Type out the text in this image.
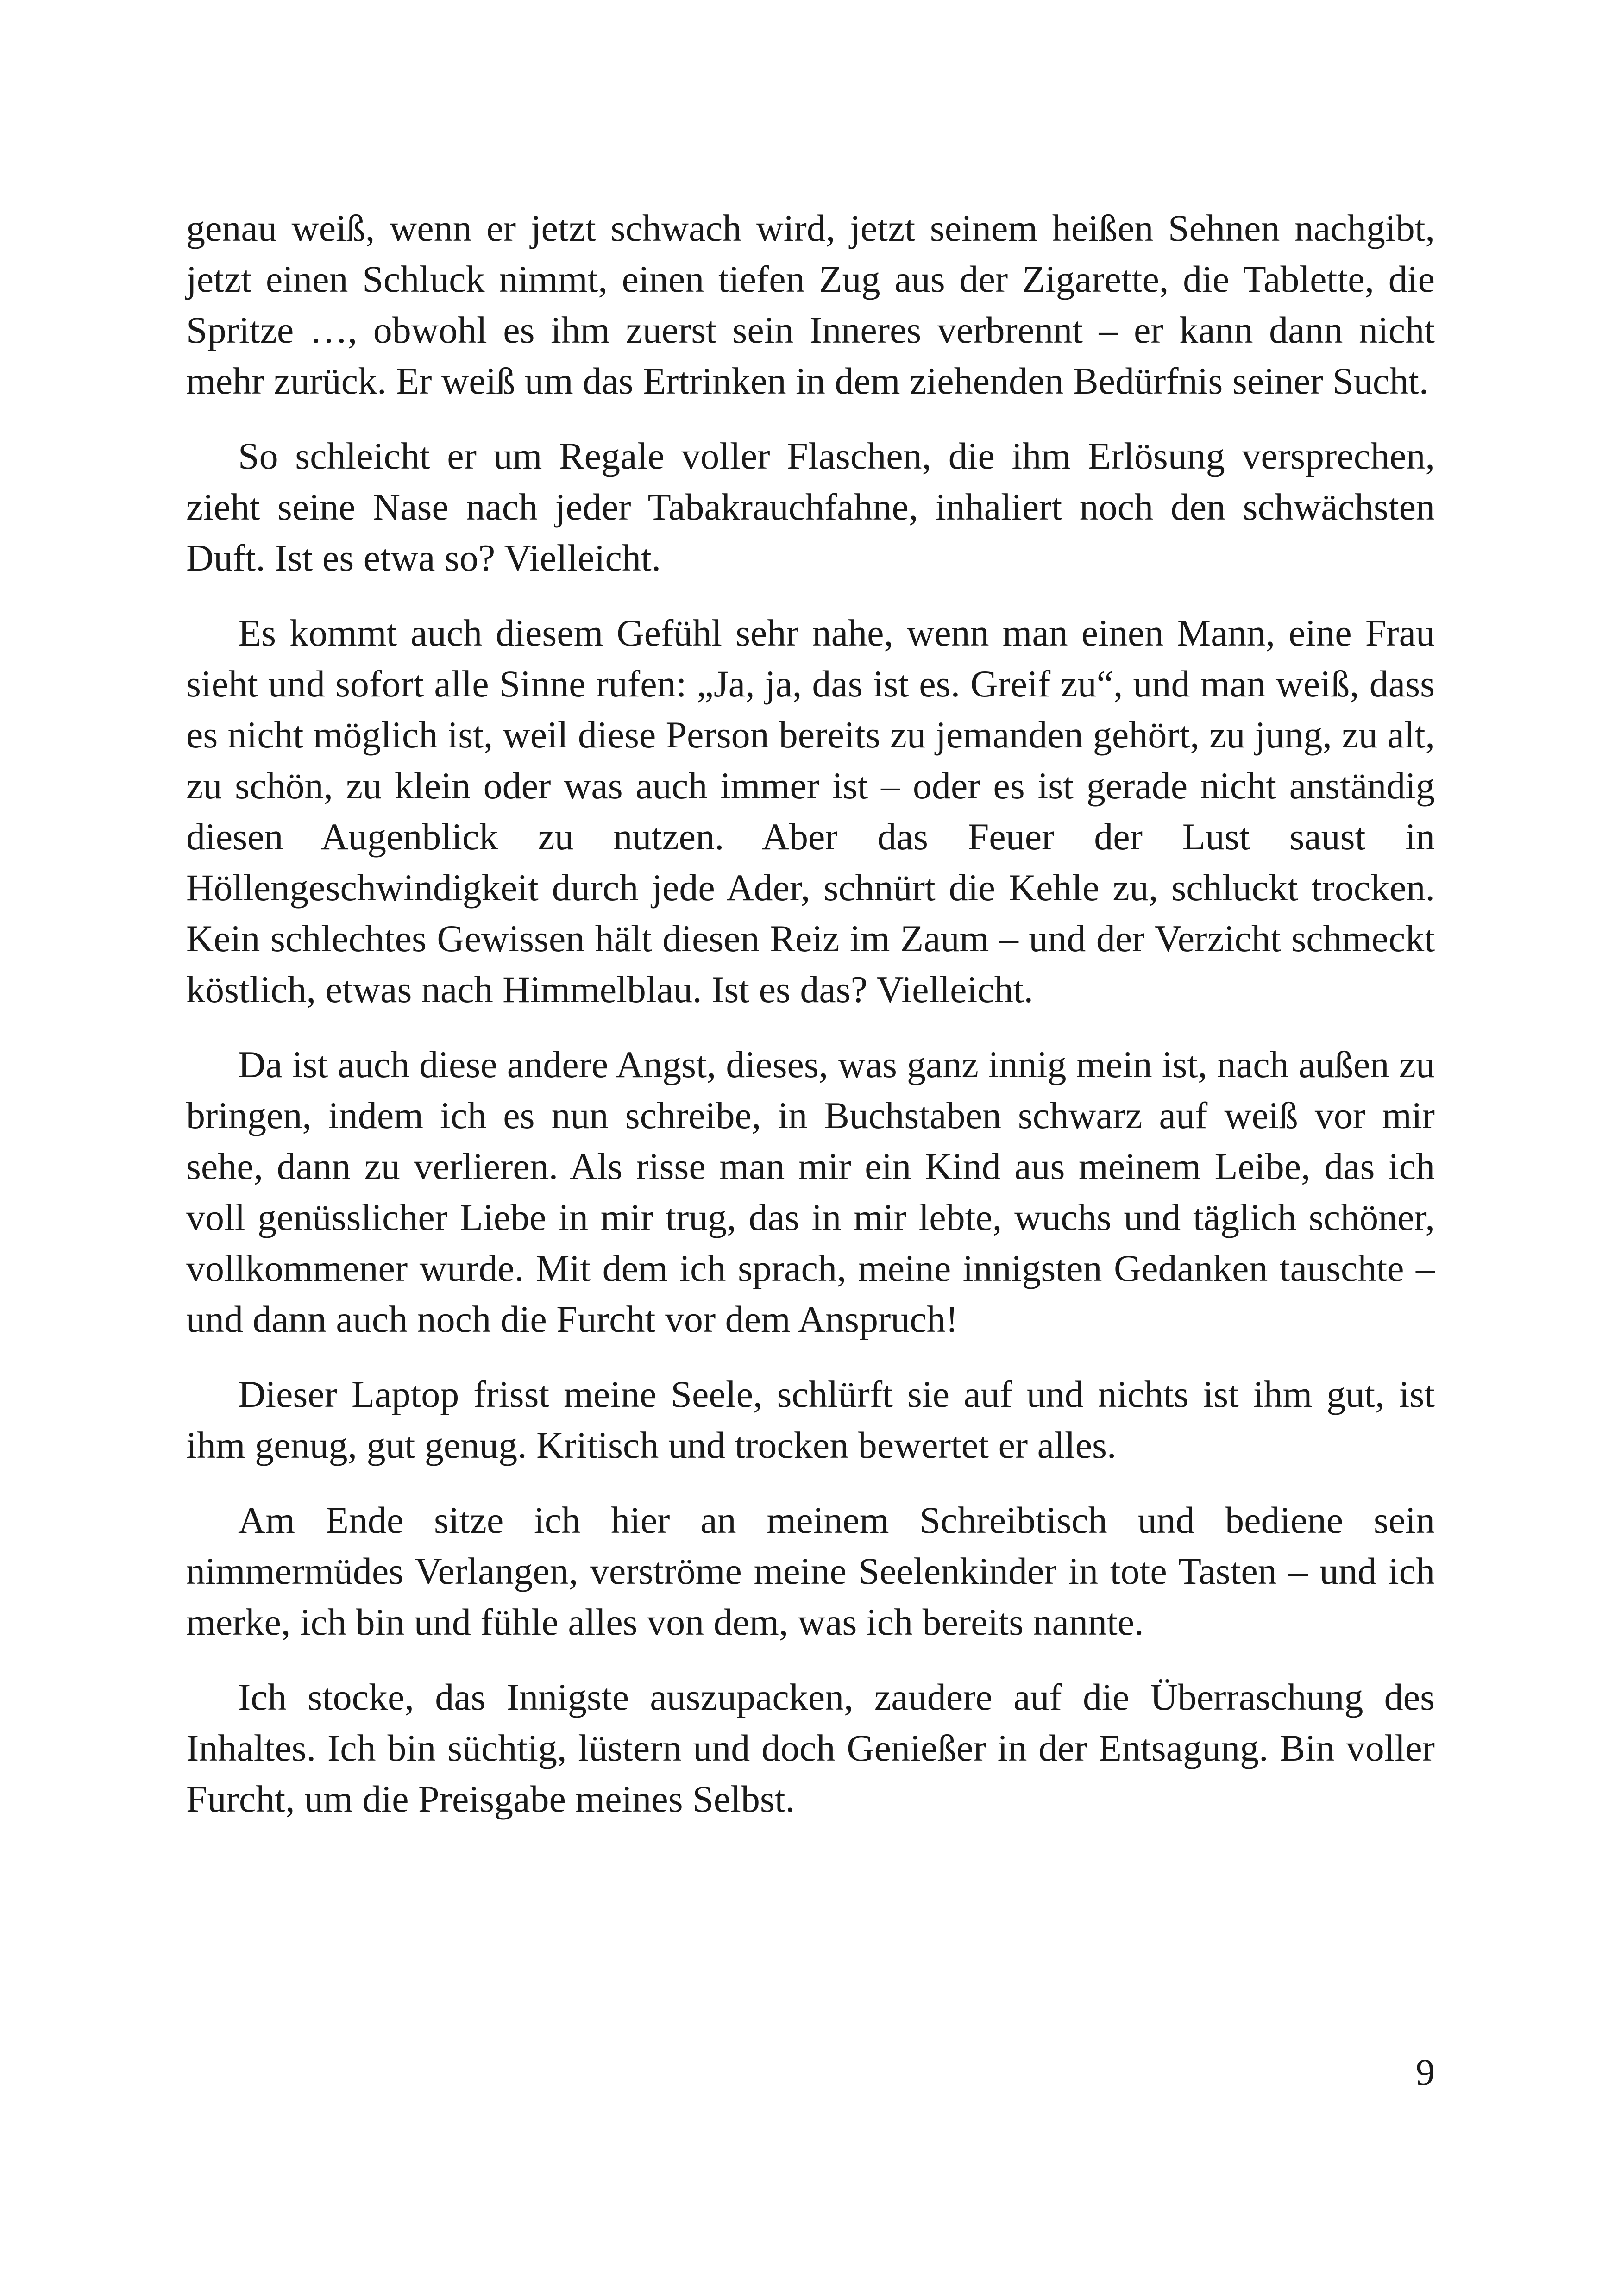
genau weiß, wenn er jetzt schwach wird, jetzt seinem heißen Sehnen nachgibt, jetzt einen Schluck nimmt, einen tiefen Zug aus der Zigarette, die Tablette, die Spritze …, obwohl es ihm zuerst sein Inneres verbrennt – er kann dann nicht mehr zurück. Er weiß um das Ertrinken in dem ziehenden Bedürfnis seiner Sucht.

So schleicht er um Regale voller Flaschen, die ihm Erlösung versprechen, zieht seine Nase nach jeder Tabakrauchfahne, inhaliert noch den schwächsten Duft. Ist es etwa so? Vielleicht.

Es kommt auch diesem Gefühl sehr nahe, wenn man einen Mann, eine Frau sieht und sofort alle Sinne rufen: „Ja, ja, das ist es. Greif zu“, und man weiß, dass es nicht möglich ist, weil diese Person bereits zu jemanden gehört, zu jung, zu alt, zu schön, zu klein oder was auch immer ist – oder es ist gerade nicht anständig diesen Augenblick zu nutzen. Aber das Feuer der Lust saust in Höllengeschwindigkeit durch jede Ader, schnürt die Kehle zu, schluckt trocken. Kein schlechtes Gewissen hält diesen Reiz im Zaum – und der Verzicht schmeckt köstlich, etwas nach Himmelblau. Ist es das? Vielleicht.

Da ist auch diese andere Angst, dieses, was ganz innig mein ist, nach außen zu bringen, indem ich es nun schreibe, in Buchstaben schwarz auf weiß vor mir sehe, dann zu verlieren. Als risse man mir ein Kind aus meinem Leibe, das ich voll genüsslicher Liebe in mir trug, das in mir lebte, wuchs und täglich schöner, vollkommener wurde. Mit dem ich sprach, meine innigsten Gedanken tauschte – und dann auch noch die Furcht vor dem Anspruch!

Dieser Laptop frisst meine Seele, schlürft sie auf und nichts ist ihm gut, ist ihm genug, gut genug. Kritisch und trocken bewertet er alles.

Am Ende sitze ich hier an meinem Schreibtisch und bediene sein nimmermüdes Verlangen, verströme meine Seelenkinder in tote Tasten – und ich merke, ich bin und fühle alles von dem, was ich bereits nannte.

Ich stocke, das Innigste auszupacken, zaudere auf die Überraschung des Inhaltes. Ich bin süchtig, lüstern und doch Genießer in der Entsagung. Bin voller Furcht, um die Preisgabe meines Selbst.

9
